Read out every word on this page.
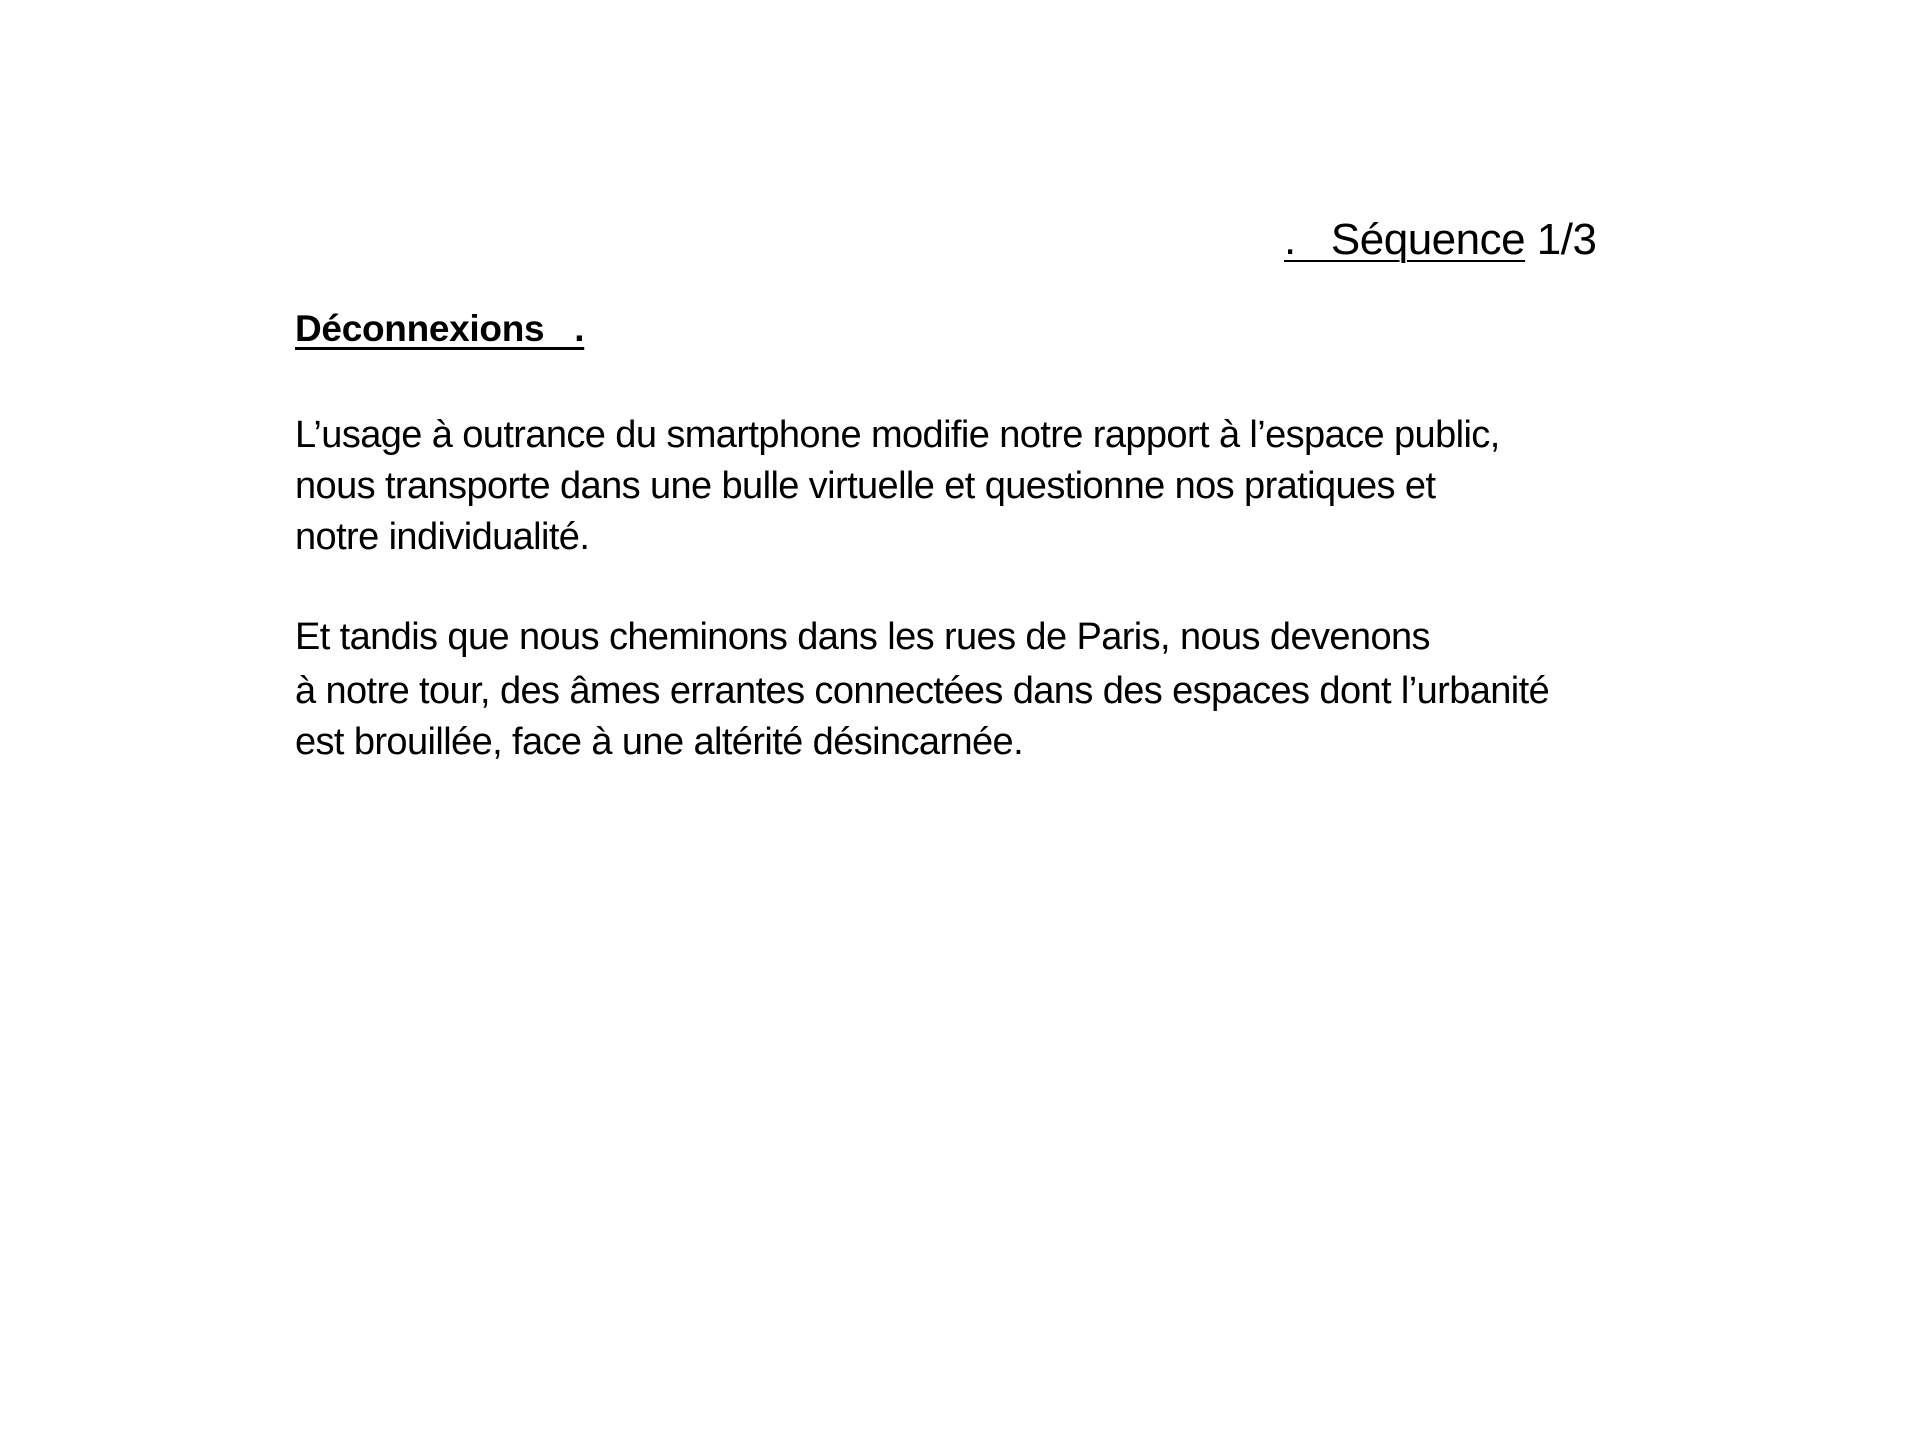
.   Séquence 1/3
Déconnexions   .
L’usage à outrance du smartphone modifie notre rapport à l’espace public,
nous transporte dans une bulle virtuelle et questionne nos pratiques et
notre individualité.
Et tandis que nous cheminons dans les rues de Paris, nous devenons
à notre tour, des âmes errantes connectées dans des espaces dont l’urbanité
est brouillée, face à une altérité désincarnée.
